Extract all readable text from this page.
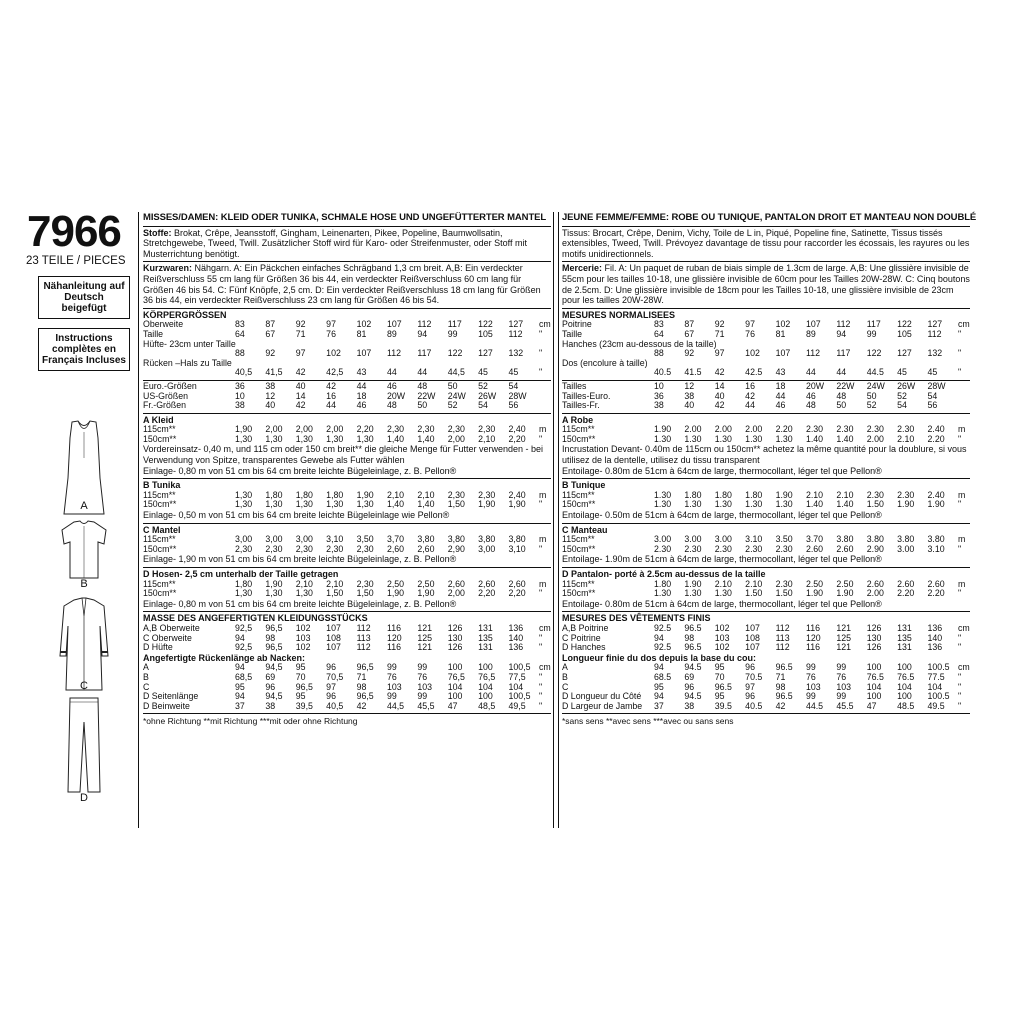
7966
23 TEILE / PIECES
Nähanleitung auf Deutsch beigefügt
Instructions complètes en Français Incluses
A
B
C
D
MISSES/DAMEN: KLEID ODER TUNIKA, SCHMALE HOSE UND UNGEFÜTTERTER MANTEL
Stoffe: Brokat, Crêpe, Jeansstoff, Gingham, Leinenarten, Pikee, Popeline, Baumwollsatin, Stretchgewebe, Tweed, Twill. Zusätzlicher Stoff wird für Karo- oder Streifenmuster, oder Stoff mit Musterrichtung benötigt.
Kurzwaren: Nähgarn. A: Ein Päckchen einfaches Schrägband 1,3 cm breit. A,B: Ein verdeckter Reißverschluss 55 cm lang für Größen 36 bis 44, ein verdeckter Reißverschluss 60 cm lang für Größen 46 bis 54. C: Fünf Knöpfe, 2,5 cm. D: Ein verdeckter Reißverschluss 18 cm lang für Größen 36 bis 44, ein verdeckter Reißverschluss 23 cm lang für Größen 46 bis 54.
KÖRPERGRÖSSEN
Oberweite	83	87	92	97	102	107	112	117	122	127	cm
Taille	64	67	71	76	81	89	94	99	105	112	"
Hüfte- 23cm unter Taille											
	88	92	97	102	107	112	117	122	127	132	"
Rücken –Hals zu Taille											
	40,5	41,5	42	42,5	43	44	44	44,5	45	45	"
Euro.-Größen	36	38	40	42	44	46	48	50	52	54	
US-Größen	10	12	14	16	18	20W	22W	24W	26W	28W	
Fr.-Größen	38	40	42	44	46	48	50	52	54	56	
A Kleid
115cm**	1,90	2,00	2,00	2,00	2,20	2,30	2,30	2,30	2,30	2,40	m
150cm**	1,30	1,30	1,30	1,30	1,30	1,40	1,40	2,00	2,10	2,20	"
Vordereinsatz- 0,40 m, und 115 cm oder 150 cm breit** die gleiche Menge für Futter verwenden - bei Verwendung von Spitze, transparentes Gewebe als Futter wählen
Einlage- 0,80 m von 51 cm bis 64 cm breite leichte Bügeleinlage, z. B. Pellon®
B Tunika
115cm**	1,30	1,80	1,80	1,80	1,90	2,10	2,10	2,30	2,30	2,40	m
150cm**	1,30	1,30	1,30	1,30	1,30	1,40	1,40	1,50	1,90	1,90	"
Einlage- 0,50 m von 51 cm bis 64 cm breite leichte Bügeleinlage wie Pellon®
C Mantel
115cm**	3,00	3,00	3,00	3,10	3,50	3,70	3,80	3,80	3,80	3,80	m
150cm**	2,30	2,30	2,30	2,30	2,30	2,60	2,60	2,90	3,00	3,10	"
Einlage- 1,90 m von 51 cm bis 64 cm breite leichte Bügeleinlage, z. B. Pellon®
D Hosen- 2,5 cm unterhalb der Taille getragen
115cm**	1,80	1,90	2,10	2,10	2,30	2,50	2,50	2,60	2,60	2,60	m
150cm**	1,30	1,30	1,30	1,50	1,50	1,90	1,90	2,00	2,20	2,20	"
Einlage- 0,80 m von 51 cm bis 64 cm breite leichte Bügeleinlage, z. B. Pellon®
MASSE DES ANGEFERTIGTEN KLEIDUNGSSTÜCKS
A,B Oberweite	92,5	96,5	102	107	112	116	121	126	131	136	cm
C Oberweite	94	98	103	108	113	120	125	130	135	140	"
D Hüfte	92,5	96,5	102	107	112	116	121	126	131	136	"
Angefertigte Rückenlänge ab Nacken:
A	94	94,5	95	96	96,5	99	99	100	100	100,5	cm
B	68,5	69	70	70,5	71	76	76	76,5	76,5	77,5	"
C	95	96	96,5	97	98	103	103	104	104	104	"
D Seitenlänge	94	94,5	95	96	96,5	99	99	100	100	100,5	"
D Beinweite	37	38	39,5	40,5	42	44,5	45,5	47	48,5	49,5	"
*ohne Richtung **mit Richtung ***mit oder ohne Richtung
JEUNE FEMME/FEMME: ROBE OU TUNIQUE, PANTALON DROIT ET MANTEAU NON DOUBLÉ
Tissus: Brocart, Crêpe, Denim, Vichy, Toile de L in, Piqué, Popeline fine, Satinette, Tissus tissés extensibles, Tweed, Twill. Prévoyez davantage de tissu pour raccorder les écossais, les rayures ou les motifs unidirectionnels.
Mercerie: Fil. A: Un paquet de ruban de biais simple de 1.3cm de large. A,B: Une glissière invisible de 55cm pour les tailles 10-18, une glissière invisible de 60cm pour les Tailles 20W-28W. C: Cinq boutons de 2.5cm. D: Une glissière invisible de 18cm pour les Tailles 10-18, une glissière invisible de 23cm pour les tailles 20W-28W.
MESURES NORMALISEES
Poitrine	83	87	92	97	102	107	112	117	122	127	cm
Taille	64	67	71	76	81	89	94	99	105	112	"
Hanches (23cm au-dessous de la taille)											
	88	92	97	102	107	112	117	122	127	132	"
Dos (encolure à taille)											
	40.5	41.5	42	42.5	43	44	44	44.5	45	45	"
Tailles	10	12	14	16	18	20W	22W	24W	26W	28W	
Tailles-Euro.	36	38	40	42	44	46	48	50	52	54	
Tailles-Fr.	38	40	42	44	46	48	50	52	54	56	
A Robe
115cm**	1.90	2.00	2.00	2.00	2.20	2.30	2.30	2.30	2.30	2.40	m
150cm**	1.30	1.30	1.30	1.30	1.30	1.40	1.40	2.00	2.10	2.20	"
Incrustation Devant- 0.40m de 115cm ou 150cm** achetez la même quantité pour la doublure, si vous utilisez de la dentelle, utilisez du tissu transparent
Entoilage- 0.80m de 51cm à 64cm de large, thermocollant, léger tel que Pellon®
B Tunique
115cm**	1.30	1.80	1.80	1.80	1.90	2.10	2.10	2.30	2.30	2.40	m
150cm**	1.30	1.30	1.30	1.30	1.30	1.40	1.40	1.50	1.90	1.90	"
Entoilage- 0.50m de 51cm à 64cm de large, thermocollant, léger tel que Pellon®
C Manteau
115cm**	3.00	3.00	3.00	3.10	3.50	3.70	3.80	3.80	3.80	3.80	m
150cm**	2.30	2.30	2.30	2.30	2.30	2.60	2.60	2.90	3.00	3.10	"
Entoilage- 1.90m de 51cm à 64cm de large, thermocollant, léger tel que Pellon®
D Pantalon- porté à 2.5cm au-dessus de la taille
115cm**	1.80	1.90	2.10	2.10	2.30	2.50	2.50	2.60	2.60	2.60	m
150cm**	1.30	1.30	1.30	1.50	1.50	1.90	1.90	2.00	2.20	2.20	"
Entoilage- 0.80m de 51cm à 64cm de large, thermocollant, léger tel que Pellon®
MESURES DES VÊTEMENTS FINIS
A,B Poitrine	92.5	96.5	102	107	112	116	121	126	131	136	cm
C Poitrine	94	98	103	108	113	120	125	130	135	140	"
D Hanches	92.5	96.5	102	107	112	116	121	126	131	136	"
Longueur finie du dos depuis la base du cou:
A	94	94.5	95	96	96.5	99	99	100	100	100.5	cm
B	68.5	69	70	70.5	71	76	76	76.5	76.5	77.5	"
C	95	96	96.5	97	98	103	103	104	104	104	"
D Longueur du Côté	94	94.5	95	96	96.5	99	99	100	100	100.5	"
D Largeur de Jambe	37	38	39.5	40.5	42	44.5	45.5	47	48.5	49.5	"
*sans sens **avec sens ***avec ou sans sens
